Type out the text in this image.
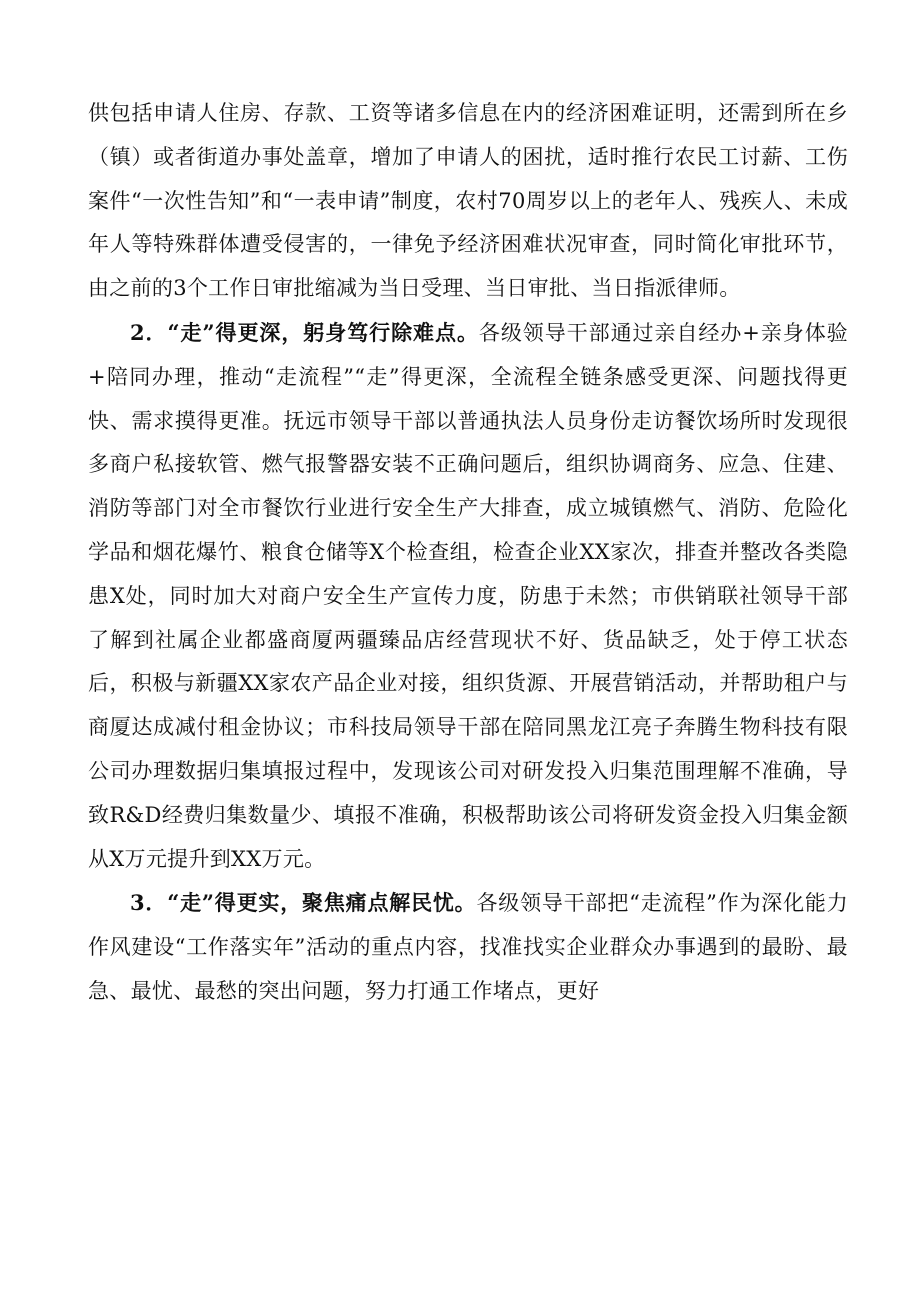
供包括申请人住房、存款、工资等诸多信息在内的经济困难证明，还需到所在乡（镇）或者街道办事处盖章，增加了申请人的困扰，适时推行农民工讨薪、工伤案件“一次性告知”和“一表申请”制度，农村70周岁以上的老年人、残疾人、未成年人等特殊群体遭受侵害的，一律免予经济困难状况审查，同时简化审批环节，由之前的3个工作日审批缩减为当日受理、当日审批、当日指派律师。

2．“走”得更深，躬身笃行除难点。各级领导干部通过亲自经办+亲身体验+陪同办理，推动“走流程”“走”得更深，全流程全链条感受更深、问题找得更快、需求摸得更准。抚远市领导干部以普通执法人员身份走访餐饮场所时发现很多商户私接软管、燃气报警器安装不正确问题后，组织协调商务、应急、住建、消防等部门对全市餐饮行业进行安全生产大排查，成立城镇燃气、消防、危险化学品和烟花爆竹、粮食仓储等X个检查组，检查企业XX家次，排查并整改各类隐患X处，同时加大对商户安全生产宣传力度，防患于未然；市供销联社领导干部了解到社属企业都盛商厦两疆臻品店经营现状不好、货品缺乏，处于停工状态后，积极与新疆XX家农产品企业对接，组织货源、开展营销活动，并帮助租户与商厦达成减付租金协议；市科技局领导干部在陪同黑龙江亮子奔腾生物科技有限公司办理数据归集填报过程中，发现该公司对研发投入归集范围理解不准确，导致R&D经费归集数量少、填报不准确，积极帮助该公司将研发资金投入归集金额从X万元提升到XX万元。

3．“走”得更实，聚焦痛点解民忧。各级领导干部把“走流程”作为深化能力作风建设“工作落实年”活动的重点内容，找准找实企业群众办事遇到的最盼、最急、最忧、最愁的突出问题，努力打通工作堵点，更好
